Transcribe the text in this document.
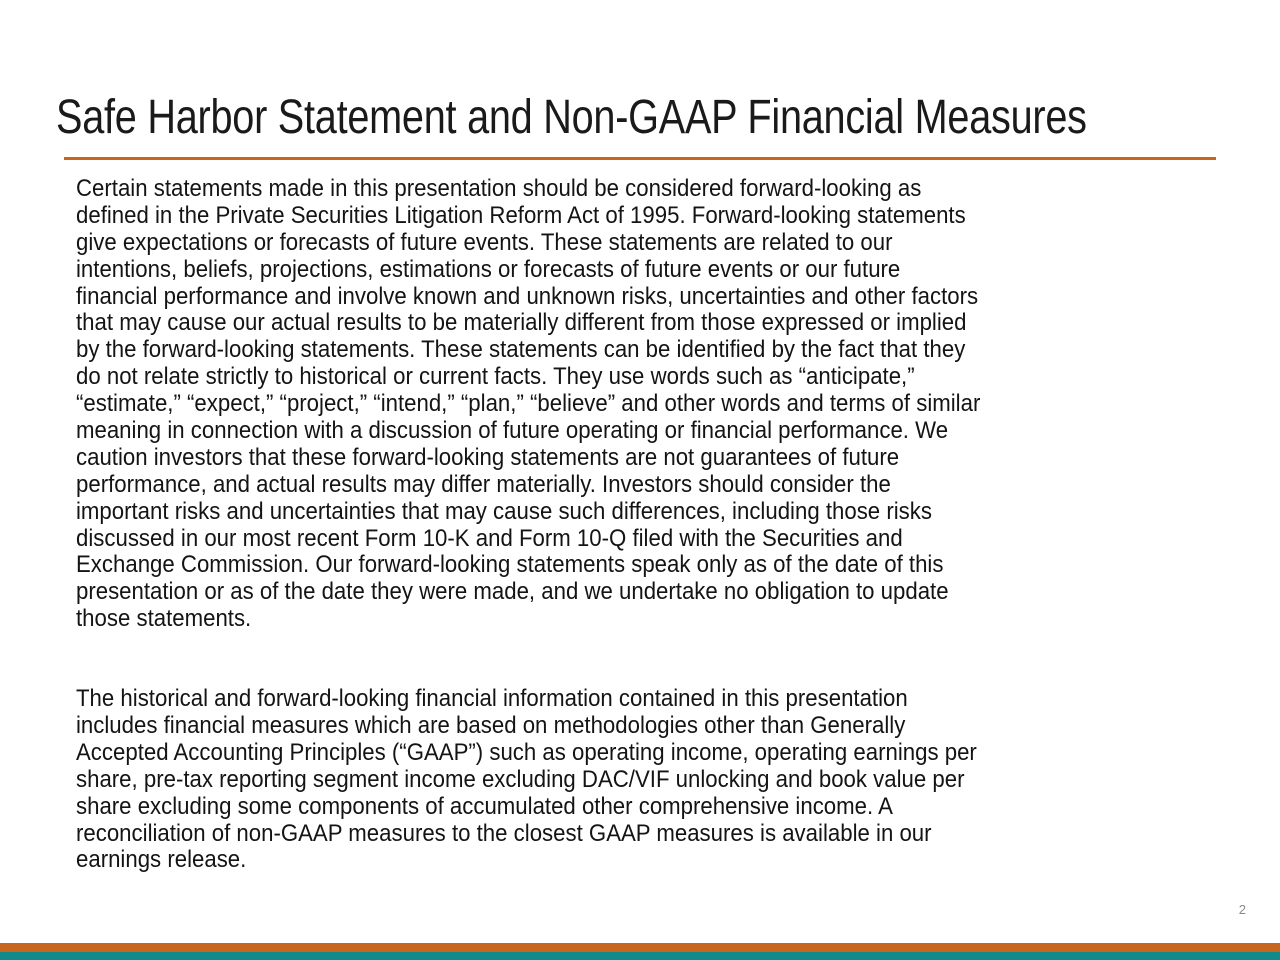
Safe Harbor Statement and Non-GAAP Financial Measures
Certain statements made in this presentation should be considered forward-looking as
defined in the Private Securities Litigation Reform Act of 1995. Forward-looking statements
give expectations or forecasts of future events. These statements are related to our
intentions, beliefs, projections, estimations or forecasts of future events or our future
financial performance and involve known and unknown risks, uncertainties and other factors
that may cause our actual results to be materially different from those expressed or implied
by the forward-looking statements. These statements can be identified by the fact that they
do not relate strictly to historical or current facts. They use words such as “anticipate,”
“estimate,” “expect,” “project,” “intend,” “plan,” “believe” and other words and terms of similar
meaning in connection with a discussion of future operating or financial performance. We
caution investors that these forward-looking statements are not guarantees of future
performance, and actual results may differ materially. Investors should consider the
important risks and uncertainties that may cause such differences, including those risks
discussed in our most recent Form 10-K and Form 10-Q filed with the Securities and
Exchange Commission. Our forward-looking statements speak only as of the date of this
presentation or as of the date they were made, and we undertake no obligation to update
those statements.
The historical and forward-looking financial information contained in this presentation
includes financial measures which are based on methodologies other than Generally
Accepted Accounting Principles (“GAAP”) such as operating income, operating earnings per
share, pre-tax reporting segment income excluding DAC/VIF unlocking and book value per
share excluding some components of accumulated other comprehensive income. A
reconciliation of non-GAAP measures to the closest GAAP measures is available in our
earnings release.
2
